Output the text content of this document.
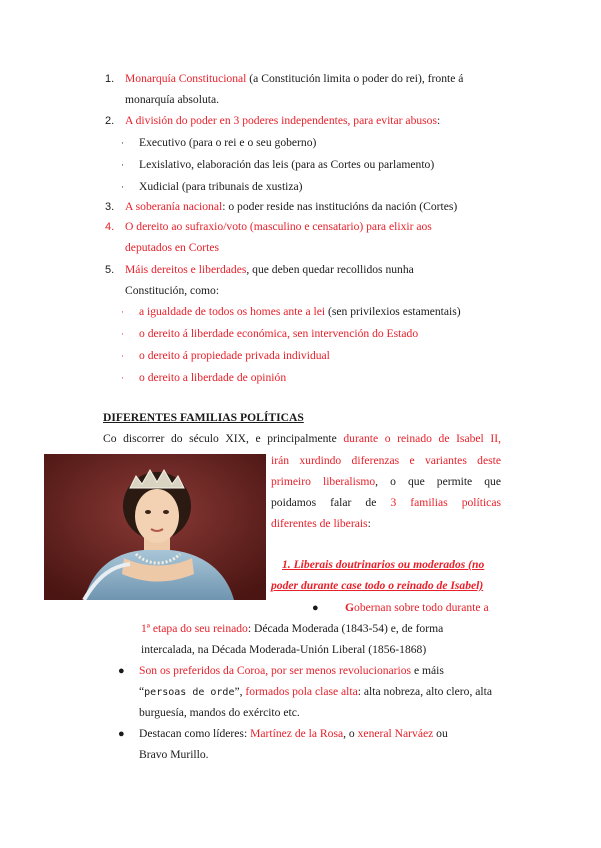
1. Monarquía Constitucional (a Constitución limita o poder do rei), fronte á
monarquía absoluta.
2. A división do poder en 3 poderes independentes, para evitar abusos:
· Executivo (para o rei e o seu goberno)
· Lexislativo, elaboración das leis (para as Cortes ou parlamento)
· Xudicial (para tribunais de xustiza)
3. A soberanía nacional: o poder reside nas institucións da nación (Cortes)
4. O dereito ao sufraxio/voto (masculino e censatario) para elixir aos
deputados en Cortes
5. Máis dereitos e liberdades, que deben quedar recollidos nunha
Constitución, como:
· a igualdade de todos os homes ante a lei (sen privilexios estamentais)
· o dereito á liberdade económica, sen intervención do Estado
· o dereito á propiedade privada individual
· o dereito a liberdade de opinión
DIFERENTES FAMILIAS POLÍTICAS
Co discorrer do século XIX, e principalmente durante o reinado de Isabel II,
irán xurdindo diferenzas e variantes deste
primeiro liberalismo, o que permite que
poidamos falar de 3 familias políticas
diferentes de liberais:
1. Liberais doutrinarios ou moderados (no
poder durante case todo o reinado de Isabel)
● Gobernan sobre todo durante a
1ª etapa do seu reinado: Década Moderada (1843-54) e, de forma
intercalada, na Década Moderada-Unión Liberal (1856-1868)
● Son os preferidos da Coroa, por ser menos revolucionarios e máis
“persoas de orde”, formados pola clase alta: alta nobreza, alto clero, alta
burguesía, mandos do exército etc.
● Destacan como líderes: Martínez de la Rosa, o xeneral Narváez ou
Bravo Murillo.
